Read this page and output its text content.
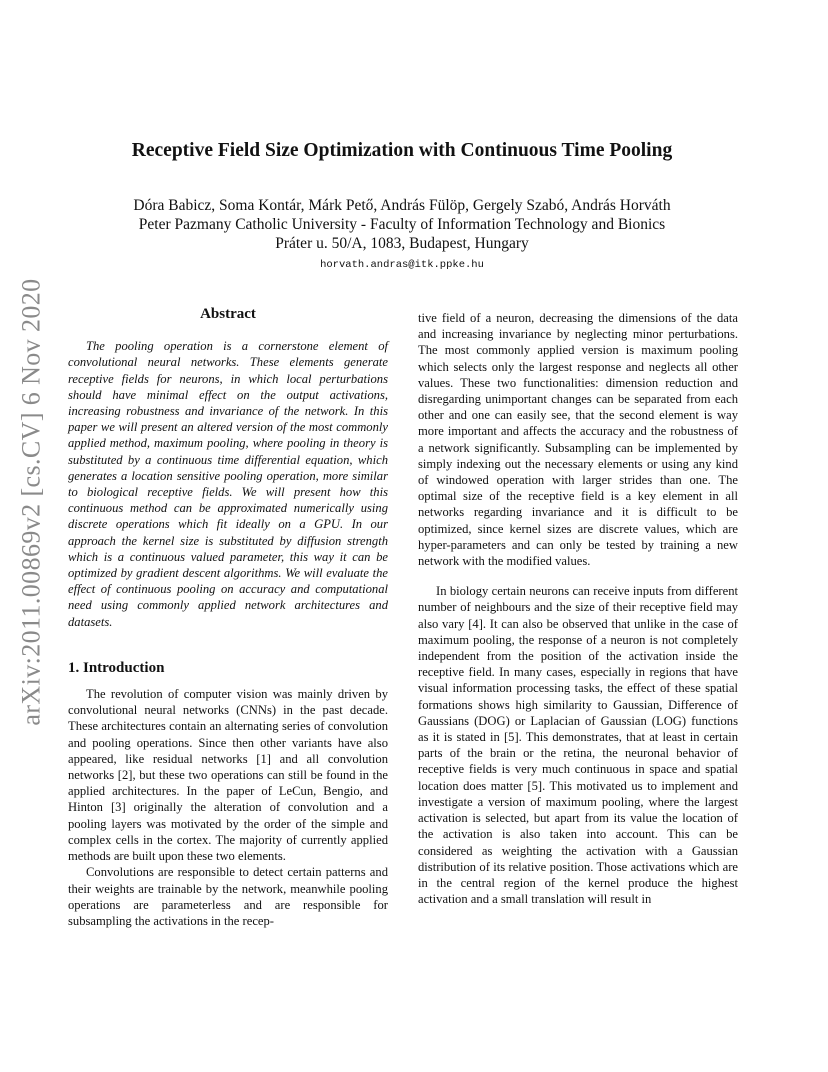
arXiv:2011.00869v2 [cs.CV] 6 Nov 2020
Receptive Field Size Optimization with Continuous Time Pooling
Dóra Babicz, Soma Kontár, Márk Pető, András Fülöp, Gergely Szabó, András Horváth
Peter Pazmany Catholic University - Faculty of Information Technology and Bionics
Práter u. 50/A, 1083, Budapest, Hungary
horvath.andras@itk.ppke.hu
Abstract

The pooling operation is a cornerstone element of convolutional neural networks. These elements generate receptive fields for neurons, in which local perturbations should have minimal effect on the output activations, increasing robustness and invariance of the network. In this paper we will present an altered version of the most commonly applied method, maximum pooling, where pooling in theory is substituted by a continuous time differential equation, which generates a location sensitive pooling operation, more similar to biological receptive fields. We will present how this continuous method can be approximated numerically using discrete operations which fit ideally on a GPU. In our approach the kernel size is substituted by diffusion strength which is a continuous valued parameter, this way it can be optimized by gradient descent algorithms. We will evaluate the effect of continuous pooling on accuracy and computational need using commonly applied network architectures and datasets.

1. Introduction

The revolution of computer vision was mainly driven by convolutional neural networks (CNNs) in the past decade. These architectures contain an alternating series of convolution and pooling operations. Since then other variants have also appeared, like residual networks [1] and all convolution networks [2], but these two operations can still be found in the applied architectures. In the paper of LeCun, Bengio, and Hinton [3] originally the alteration of convolution and a pooling layers was motivated by the order of the simple and complex cells in the cortex. The majority of currently applied methods are built upon these two elements.

Convolutions are responsible to detect certain patterns and their weights are trainable by the network, meanwhile pooling operations are parameterless and are responsible for subsampling the activations in the recep-

tive field of a neuron, decreasing the dimensions of the data and increasing invariance by neglecting minor perturbations. The most commonly applied version is maximum pooling which selects only the largest response and neglects all other values. These two functionalities: dimension reduction and disregarding unimportant changes can be separated from each other and one can easily see, that the second element is way more important and affects the accuracy and the robustness of a network significantly. Subsampling can be implemented by simply indexing out the necessary elements or using any kind of windowed operation with larger strides than one. The optimal size of the receptive field is a key element in all networks regarding invariance and it is difficult to be optimized, since kernel sizes are discrete values, which are hyper-parameters and can only be tested by training a new network with the modified values.

In biology certain neurons can receive inputs from different number of neighbours and the size of their receptive field may also vary [4]. It can also be observed that unlike in the case of maximum pooling, the response of a neuron is not completely independent from the position of the activation inside the receptive field. In many cases, especially in regions that have visual information processing tasks, the effect of these spatial formations shows high similarity to Gaussian, Difference of Gaussians (DOG) or Laplacian of Gaussian (LOG) functions as it is stated in [5]. This demonstrates, that at least in certain parts of the brain or the retina, the neuronal behavior of receptive fields is very much continuous in space and spatial location does matter [5]. This motivated us to implement and investigate a version of maximum pooling, where the largest activation is selected, but apart from its value the location of the activation is also taken into account. This can be considered as weighting the activation with a Gaussian distribution of its relative position. Those activations which are in the central region of the kernel produce the highest activation and a small translation will result in
